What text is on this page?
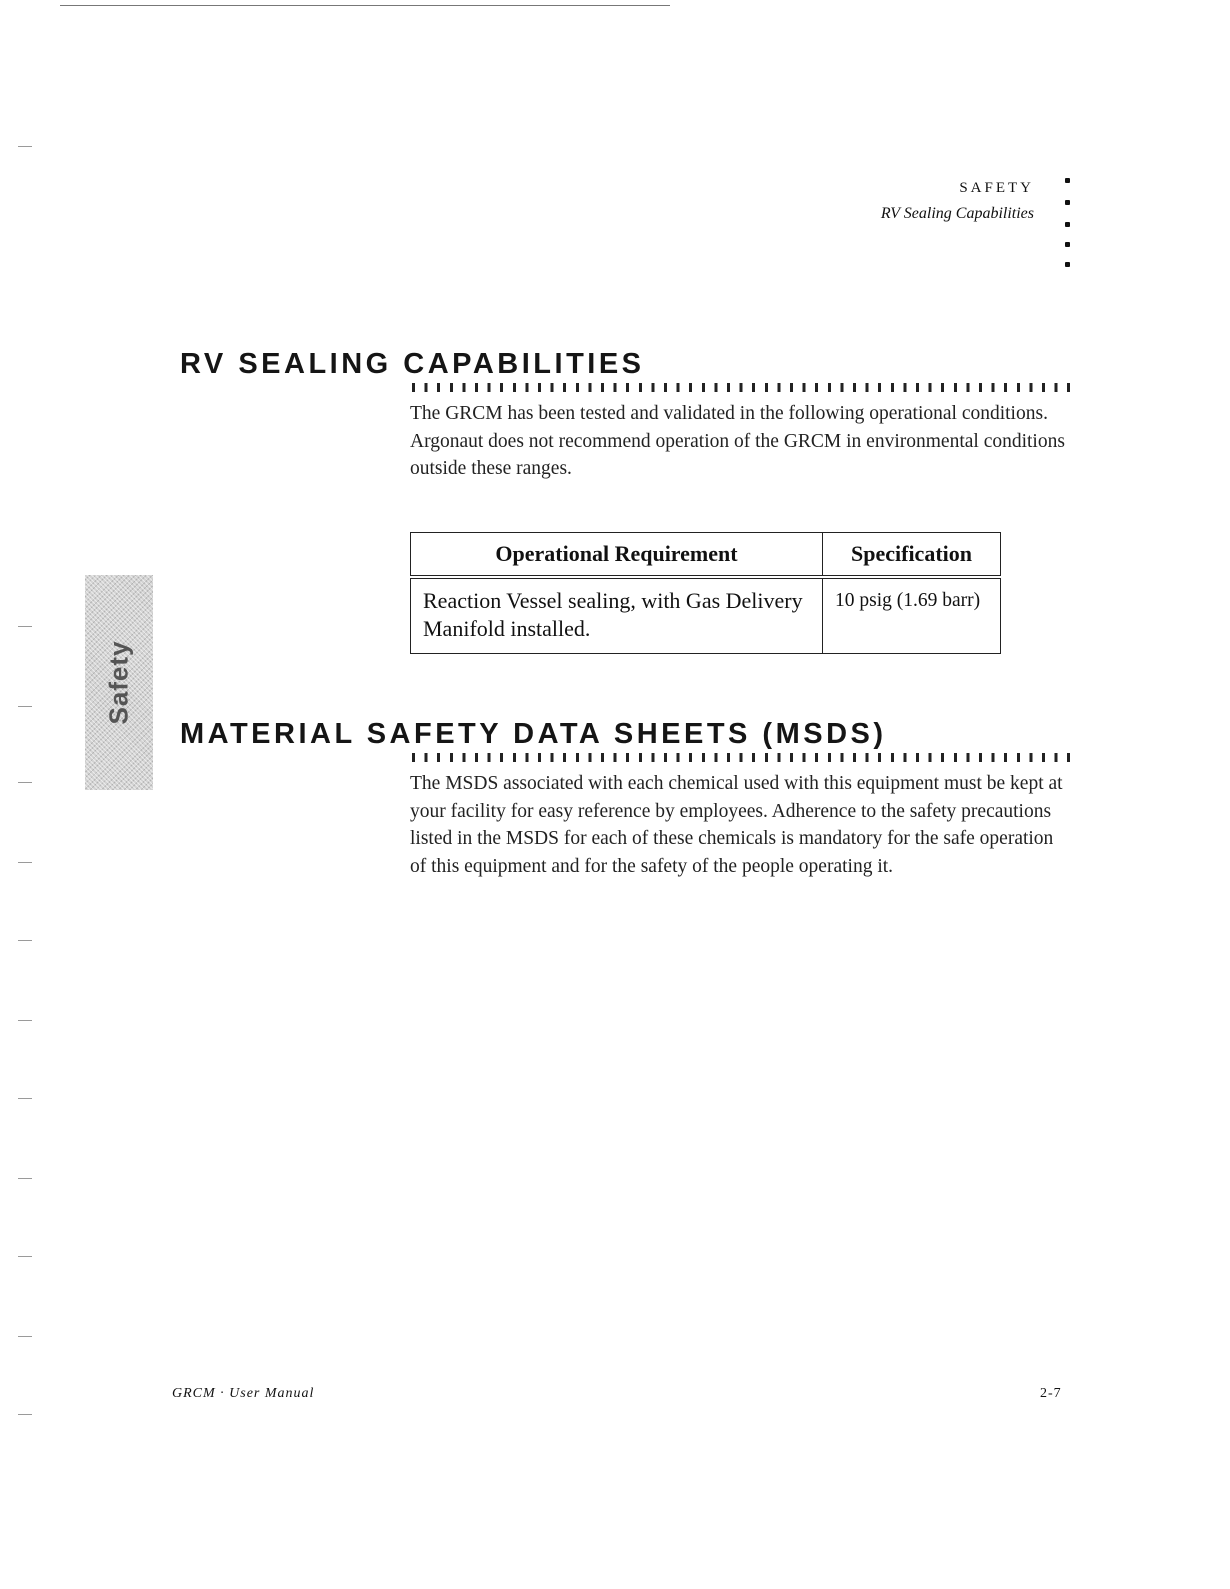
SAFETY
RV Sealing Capabilities
Safety
RV SEALING CAPABILITIES
The GRCM has been tested and validated in the following operational conditions. Argonaut does not recommend operation of the GRCM in environmental conditions outside these ranges.
Operational Requirement	Specification
Reaction Vessel sealing, with Gas Delivery Manifold installed.	10 psig (1.69 barr)
MATERIAL SAFETY DATA SHEETS (MSDS)
The MSDS associated with each chemical used with this equipment must be kept at your facility for easy reference by employees. Adherence to the safety precautions listed in the MSDS for each of these chemicals is mandatory for the safe operation of this equipment and for the safety of the people operating it.
GRCM · User Manual	2-7
